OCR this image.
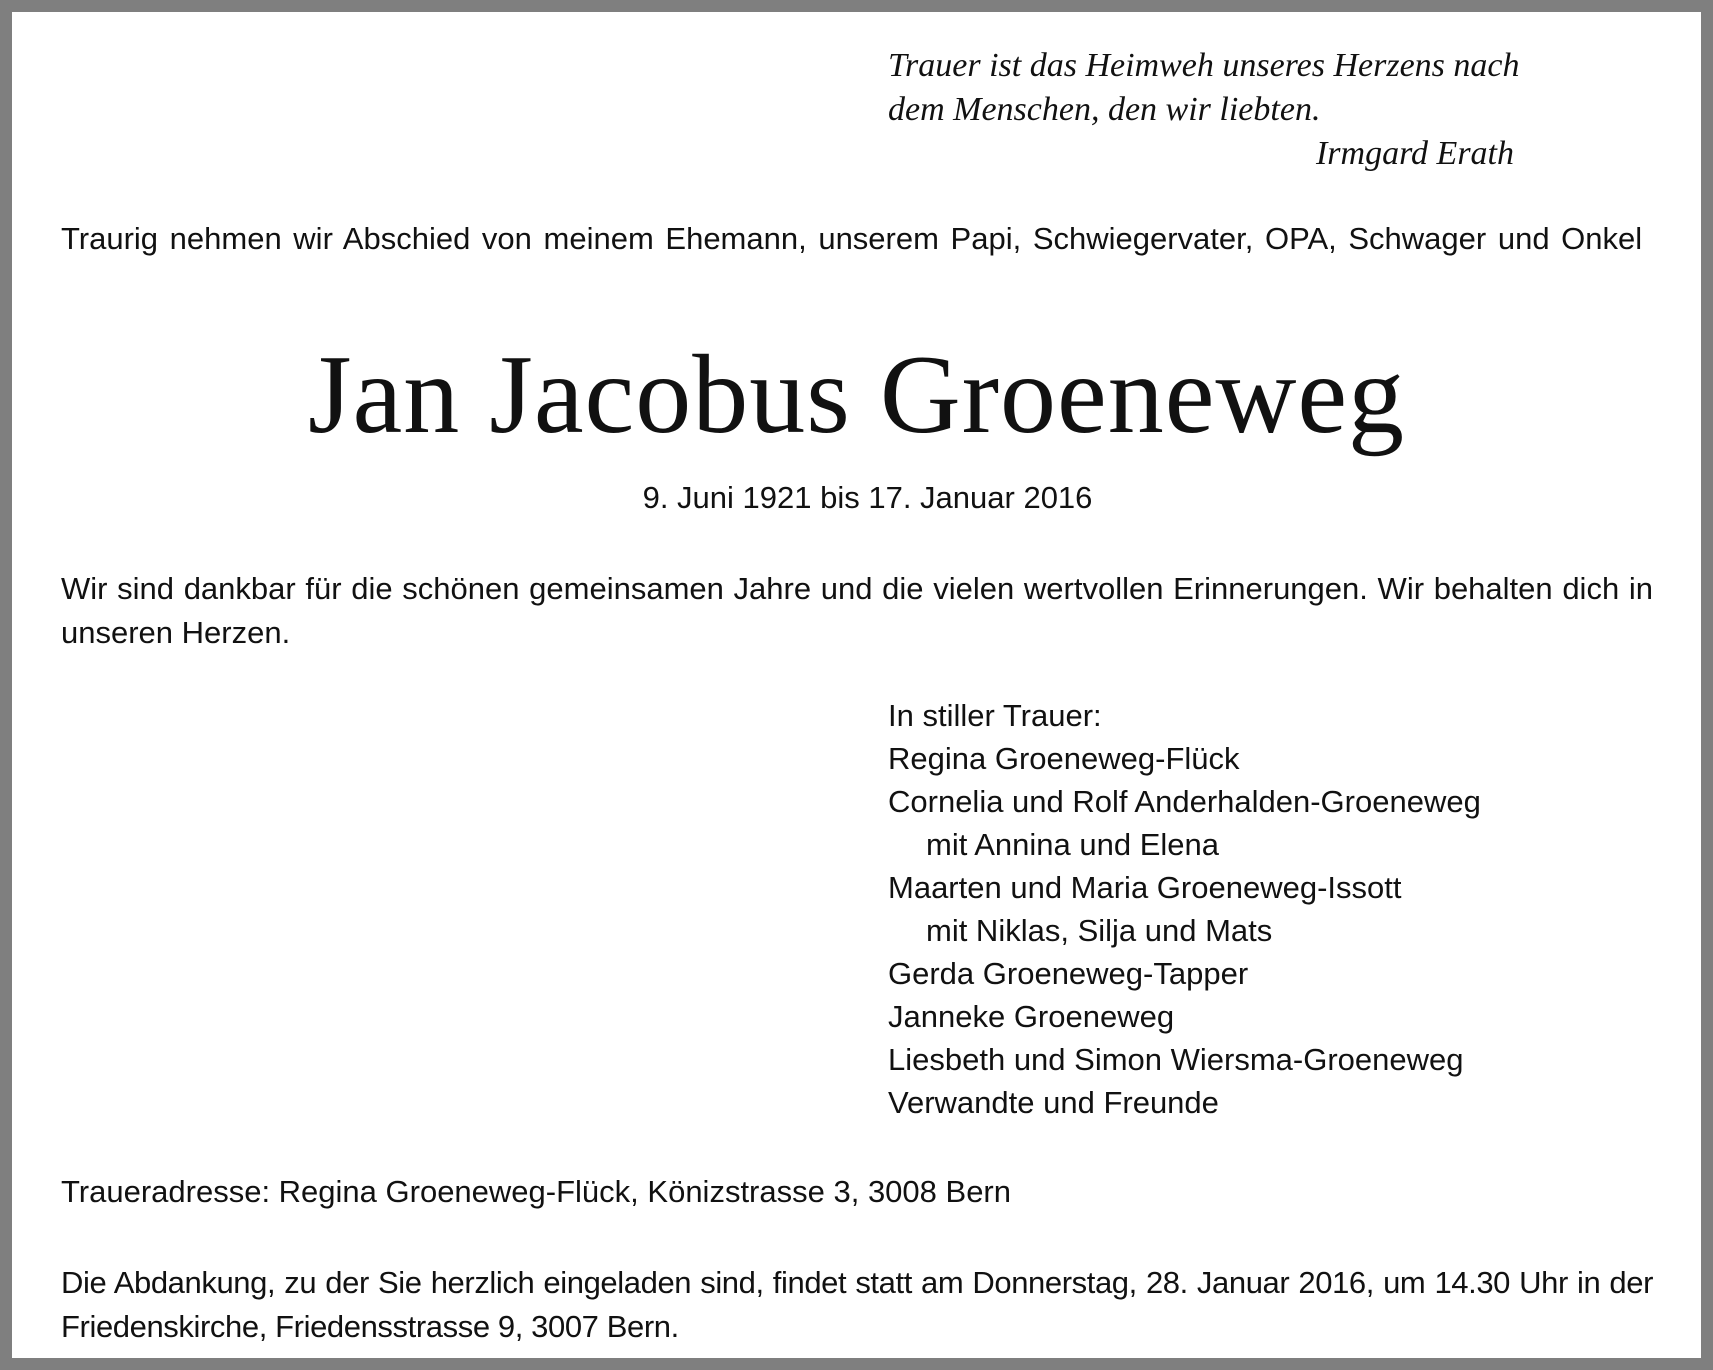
Trauer ist das Heimweh unseres Herzens nach
dem Menschen, den wir liebten.
Irmgard Erath
Traurig nehmen wir Abschied von meinem Ehemann, unserem Papi, Schwiegervater, OPA, Schwager und Onkel
Jan Jacobus Groeneweg
9. Juni 1921 bis 17. Januar 2016
Wir sind dankbar für die schönen gemeinsamen Jahre und die vielen wertvollen Erinnerungen. Wir behalten dich in unseren Herzen.
In stiller Trauer:
Regina Groeneweg-Flück
Cornelia und Rolf Anderhalden-Groeneweg
mit Annina und Elena
Maarten und Maria Groeneweg-Issott
mit Niklas, Silja und Mats
Gerda Groeneweg-Tapper
Janneke Groeneweg
Liesbeth und Simon Wiersma-Groeneweg
Verwandte und Freunde
Traueradresse: Regina Groeneweg-Flück, Könizstrasse 3, 3008 Bern
Die Abdankung, zu der Sie herzlich eingeladen sind, findet statt am Donnerstag, 28. Januar 2016, um 14.30 Uhr in der Friedenskirche, Friedensstrasse 9, 3007 Bern.
